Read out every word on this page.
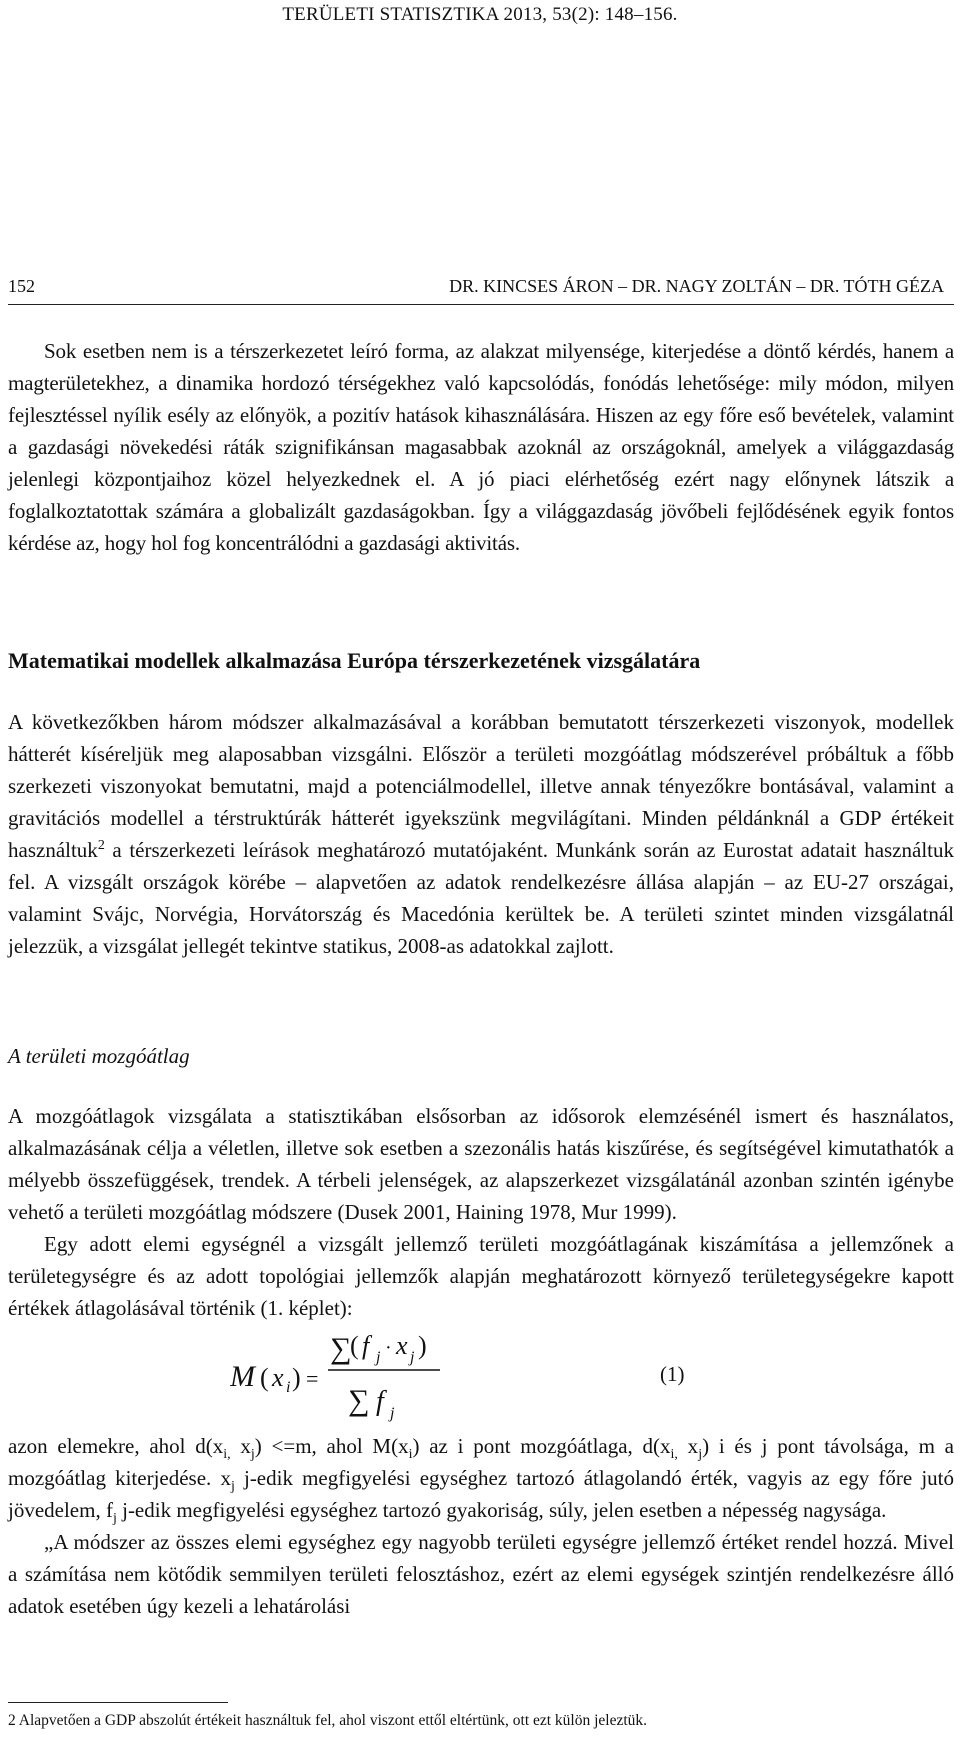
TERÜLETI STATISZTIKA 2013, 53(2): 148–156.
152	DR. KINCSES ÁRON – DR. NAGY ZOLTÁN – DR. TÓTH GÉZA

Sok esetben nem is a térszerkezetet leíró forma, az alakzat milyensége, kiterjedése a döntő kérdés, hanem a magterületekhez, a dinamika hordozó térségekhez való kapcsolódás, fonódás lehetősége: mily módon, milyen fejlesztéssel nyílik esély az előnyök, a pozitív hatások kihasználására. Hiszen az egy főre eső bevételek, valamint a gazdasági növekedési ráták szignifikánsan magasabbak azoknál az országoknál, amelyek a világgazdaság jelenlegi központjaihoz közel helyezkednek el. A jó piaci elérhetőség ezért nagy előnynek látszik a foglalkoztatottak számára a globalizált gazdaságokban. Így a világgazdaság jövőbeli fejlődésének egyik fontos kérdése az, hogy hol fog koncentrálódni a gazdasági aktivitás.

Matematikai modellek alkalmazása Európa térszerkezetének vizsgálatára

A következőkben három módszer alkalmazásával a korábban bemutatott térszerkezeti viszonyok, modellek hátterét kíséreljük meg alaposabban vizsgálni. Először a területi mozgóátlag módszerével próbáltuk a főbb szerkezeti viszonyokat bemutatni, majd a potenciálmodellel, illetve annak tényezőkre bontásával, valamint a gravitációs modellel a térstruktúrák hátterét igyekszünk megvilágítani. Minden példánknál a GDP értékeit használtuk$^2$ a térszerkezeti leírások meghatározó mutatójaként. Munkánk során az Eurostat adatait használtuk fel. A vizsgált országok körébe – alapvetően az adatok rendelkezésre állása alapján – az EU-27 országai, valamint Svájc, Norvégia, Horvátország és Macedónia kerültek be. A területi szintet minden vizsgálatnál jelezzük, a vizsgálat jellegét tekintve statikus, 2008-as adatokkal zajlott.

A területi mozgóátlag

A mozgóátlagok vizsgálata a statisztikában elsősorban az idősorok elemzésénél ismert és használatos, alkalmazásának célja a véletlen, illetve sok esetben a szezonális hatás kiszűrése, és segítségével kimutathatók a mélyebb összefüggések, trendek. A térbeli jelenségek, az alapszerkezet vizsgálatánál azonban szintén igénybe vehető a területi mozgóátlag módszere (Dusek 2001, Haining 1978, Mur 1999).

Egy adott elemi egységnél a vizsgált jellemző területi mozgóátlagának kiszámítása a jellemzőnek a területegységre és az adott topológiai jellemzők alapján meghatározott környező területegységekre kapott értékek átlagolásával történik (1. képlet):

M ( x i ) =
∑
( f j · x j )
∑ f j
(1)

azon elemekre, ahol $d(x_{i,}$ $x_j) <=m$, ahol $M(x_i)$ az i pont mozgóátlaga, $d(x_{i,}$ $x_j$) i és j pont távolsága, m a mozgóátlag kiterjedése. $x_j$ j-edik megfigyelési egységhez tartozó átlagolandó érték, vagyis az egy főre jutó jövedelem, $f_j$ j-edik megfigyelési egységhez tartozó gyakoriság, súly, jelen esetben a népesség nagysága.

„A módszer az összes elemi egységhez egy nagyobb területi egységre jellemző értéket rendel hozzá. Mivel a számítása nem kötődik semmilyen területi felosztáshoz, ezért az elemi egységek szintjén rendelkezésre álló adatok esetében úgy kezeli a lehatárolási

2 Alapvetően a GDP abszolút értékeit használtuk fel, ahol viszont ettől eltértünk, ott ezt külön jeleztük.
